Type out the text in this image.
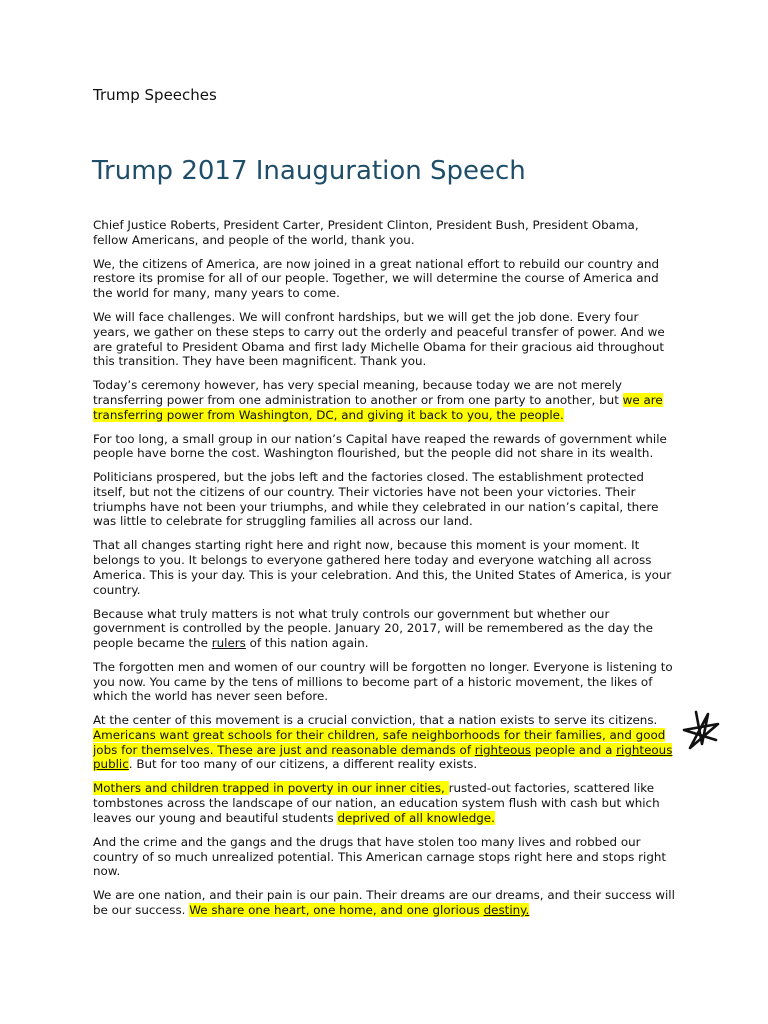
Trump Speeches
Trump 2017 Inauguration Speech

Chief Justice Roberts, President Carter, President Clinton, President Bush, President Obama, fellow Americans, and people of the world, thank you.

We, the citizens of America, are now joined in a great national effort to rebuild our country and restore its promise for all of our people. Together, we will determine the course of America and the world for many, many years to come.

We will face challenges. We will confront hardships, but we will get the job done. Every four years, we gather on these steps to carry out the orderly and peaceful transfer of power. And we are grateful to President Obama and first lady Michelle Obama for their gracious aid throughout this transition. They have been magnificent. Thank you.

Today’s ceremony however, has very special meaning, because today we are not merely transferring power from one administration to another or from one party to another, but we are transferring power from Washington, DC, and giving it back to you, the people.

For too long, a small group in our nation’s Capital have reaped the rewards of government while people have borne the cost. Washington flourished, but the people did not share in its wealth.

Politicians prospered, but the jobs left and the factories closed. The establishment protected itself, but not the citizens of our country. Their victories have not been your victories. Their triumphs have not been your triumphs, and while they celebrated in our nation’s capital, there was little to celebrate for struggling families all across our land.

That all changes starting right here and right now, because this moment is your moment. It belongs to you. It belongs to everyone gathered here today and everyone watching all across America. This is your day. This is your celebration. And this, the United States of America, is your country.

Because what truly matters is not what truly controls our government but whether our government is controlled by the people. January 20, 2017, will be remembered as the day the people became the rulers of this nation again.

The forgotten men and women of our country will be forgotten no longer. Everyone is listening to you now. You came by the tens of millions to become part of a historic movement, the likes of which the world has never seen before.

At the center of this movement is a crucial conviction, that a nation exists to serve its citizens. Americans want great schools for their children, safe neighborhoods for their families, and good jobs for themselves. These are just and reasonable demands of righteous people and a righteous public. But for too many of our citizens, a different reality exists.

Mothers and children trapped in poverty in our inner cities, rusted-out factories, scattered like tombstones across the landscape of our nation, an education system flush with cash but which leaves our young and beautiful students deprived of all knowledge.

And the crime and the gangs and the drugs that have stolen too many lives and robbed our country of so much unrealized potential. This American carnage stops right here and stops right now.

We are one nation, and their pain is our pain. Their dreams are our dreams, and their success will be our success. We share one heart, one home, and one glorious destiny.
